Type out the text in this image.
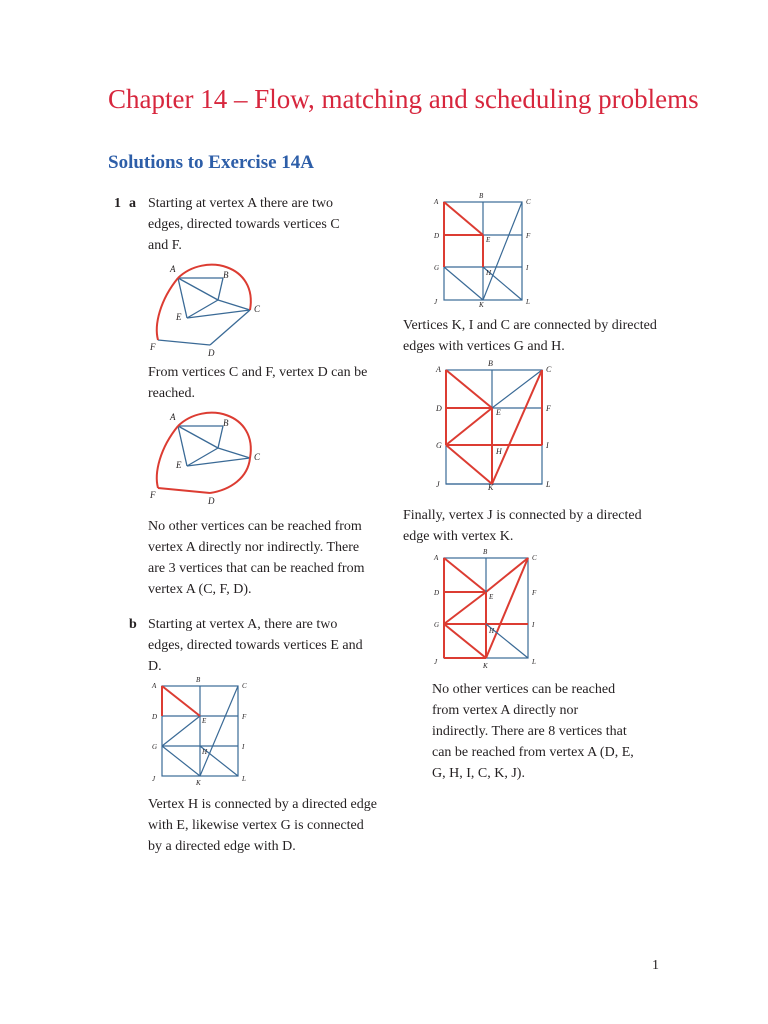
Chapter 14 – Flow, matching and scheduling problems
Solutions to Exercise 14A
1 a Starting at vertex A there are two edges, directed towards vertices C and F.

A
B
C
D
E
F

From vertices C and F, vertex D can be reached.

A
B
C
D
E
F

No other vertices can be reached from vertex A directly nor indirectly. There are 3 vertices that can be reached from vertex A (C, F, D).

b Starting at vertex A, there are two edges, directed towards vertices E and D.

A
B
C
D	E	F
G
H
I
J	K	L

Vertex H is connected by a directed edge with E, likewise vertex G is connected by a directed edge with D.

A
B
C
D	E	F
G
H
I
J	K	L

Vertices K, I and C are connected by directed edges with vertices G and H.

A
B
C
D	E	F
G
H
I
J	K	L

Finally, vertex J is connected by a directed edge with vertex K.

A
B
C
D	E	F
G
H
I
J	K	L

No other vertices can be reached from vertex A directly nor indirectly. There are 8 vertices that can be reached from vertex A (D, E, G, H, I, C, K, J).

1
